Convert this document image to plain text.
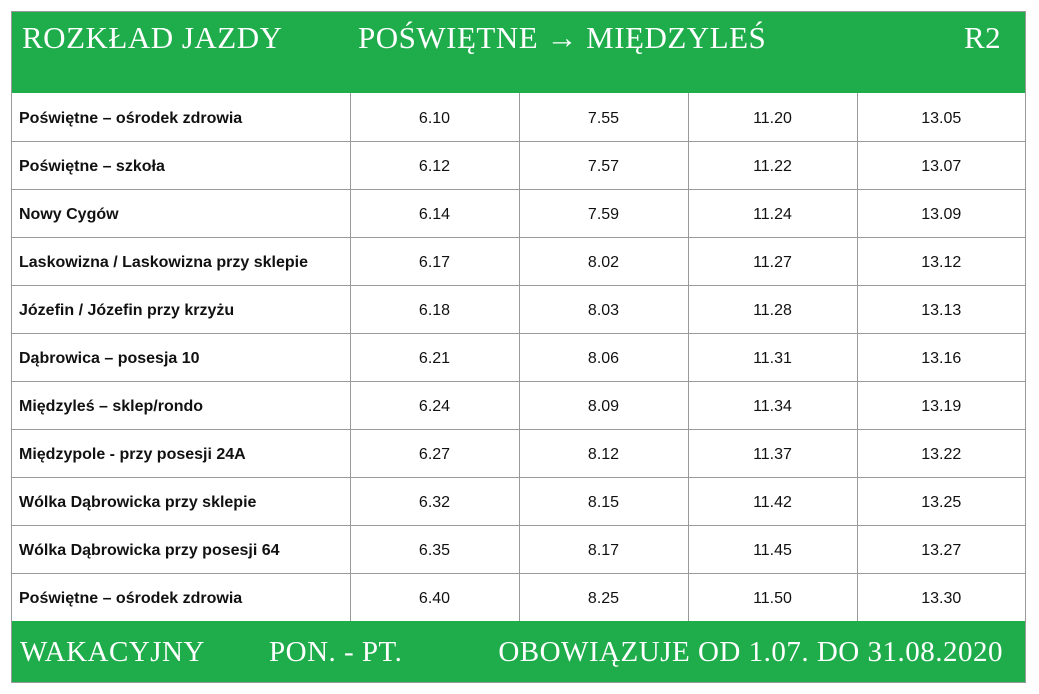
ROZKŁAD JAZDY POŚWIĘTNE → MIĘDZYLEŚ	R2
Poświętne – ośrodek zdrowia	6.10	7.55	11.20	13.05
Poświętne – szkoła	6.12	7.57	11.22	13.07
Nowy Cygów	6.14	7.59	11.24	13.09
Laskowizna / Laskowizna przy sklepie	6.17	8.02	11.27	13.12
Józefin / Józefin przy krzyżu	6.18	8.03	11.28	13.13
Dąbrowica – posesja 10	6.21	8.06	11.31	13.16
Międzyleś – sklep/rondo	6.24	8.09	11.34	13.19
Międzypole - przy posesji 24A	6.27	8.12	11.37	13.22
Wólka Dąbrowicka przy sklepie	6.32	8.15	11.42	13.25
Wólka Dąbrowicka przy posesji 64	6.35	8.17	11.45	13.27
Poświętne – ośrodek zdrowia	6.40	8.25	11.50	13.30
WAKACYJNY PON. - PT.	OBOWIĄZUJE OD 1.07. DO 31.08.2020
